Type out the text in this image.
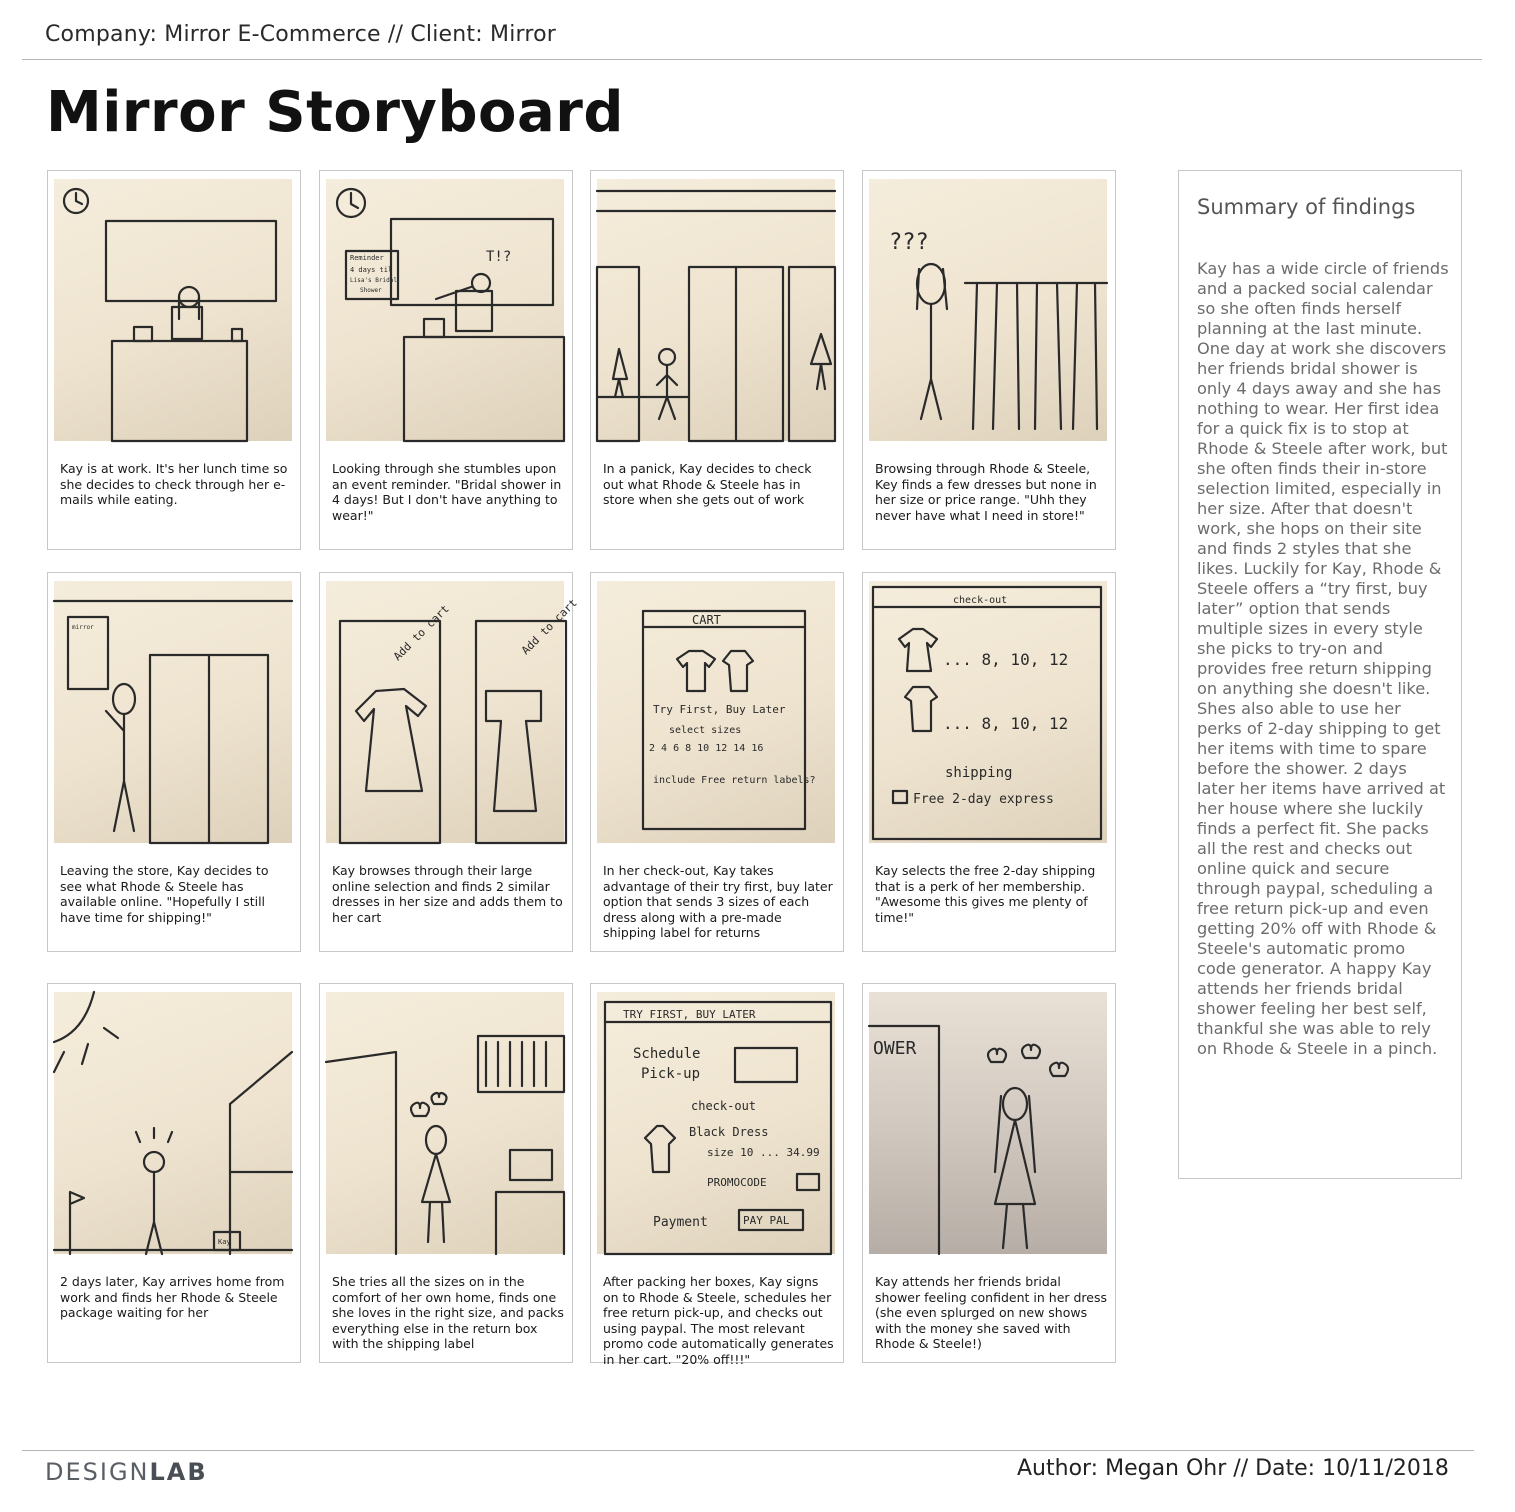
Company: Mirror E-Commerce // Client: Mirror
Mirror Storyboard
Kay is at work. It's her lunch time so she decides to check through her e-mails while eating.
Reminder
4 days til
Lisa's Bridal
Shower
T!?
Looking through she stumbles upon an event reminder. "Bridal shower in 4 days! But I don't have anything to wear!"
In a panick, Kay decides to check out what Rhode & Steele has in store when she gets out of work
???
Browsing through Rhode & Steele, Key finds a few dresses but none in her size or price range. "Uhh they never have what I need in store!"
mirror
Leaving the store, Kay decides to see what Rhode & Steele has available online. "Hopefully I still have time for shipping!"
Add to cart	Add to cart
Kay browses through their large online selection and finds 2 similar dresses in her size and adds them to her cart
CART
Try First, Buy Later
select sizes
2 4 6 8 10 12 14 16
include Free return labels?
In her check-out, Kay takes advantage of their try first, buy later option that sends 3 sizes of each dress along with a pre-made shipping label for returns
check-out
... 8, 10, 12
... 8, 10, 12
shipping
Free 2-day express
Kay selects the free 2-day shipping that is a perk of her membership. "Awesome this gives me plenty of time!"
Kay
2 days later, Kay arrives home from work and finds her Rhode & Steele package waiting for her
She tries all the sizes on in the comfort of her own home, finds one she loves in the right size, and packs everything else in the return box with the shipping label
TRY FIRST, BUY LATER
Schedule
Pick-up
check-out
Black Dress
size 10 ... 34.99
PROMOCODE
Payment	PAY PAL
After packing her boxes, Kay signs on to Rhode & Steele, schedules her free return pick-up, and checks out using paypal. The most relevant promo code automatically generates in her cart. "20% off!!!"
OWER
Kay attends her friends bridal shower feeling confident in her dress (she even splurged on new shows with the money she saved with Rhode & Steele!)
Summary of findings
Kay has a wide circle of friends and a packed social calendar so she often finds herself planning at the last minute. One day at work she discovers her friends bridal shower is only 4 days away and she has nothing to wear. Her first idea for a quick fix is to stop at Rhode & Steele after work, but she often finds their in-store selection limited, especially in her size. After that doesn't work, she hops on their site and finds 2 styles that she likes. Luckily for Kay, Rhode & Steele offers a “try first, buy later” option that sends multiple sizes in every style she picks to try-on and provides free return shipping on anything she doesn't like. Shes also able to use her perks of 2-day shipping to get her items with time to spare before the shower. 2 days later her items have arrived at her house where she luckily finds a perfect fit. She packs all the rest and checks out online quick and secure through paypal, scheduling a free return pick-up and even getting 20% off with Rhode & Steele's automatic promo code generator. A happy Kay attends her friends bridal shower feeling her best self, thankful she was able to rely on Rhode & Steele in a pinch.
DESIGNLAB	Author: Megan Ohr // Date: 10/11/2018
